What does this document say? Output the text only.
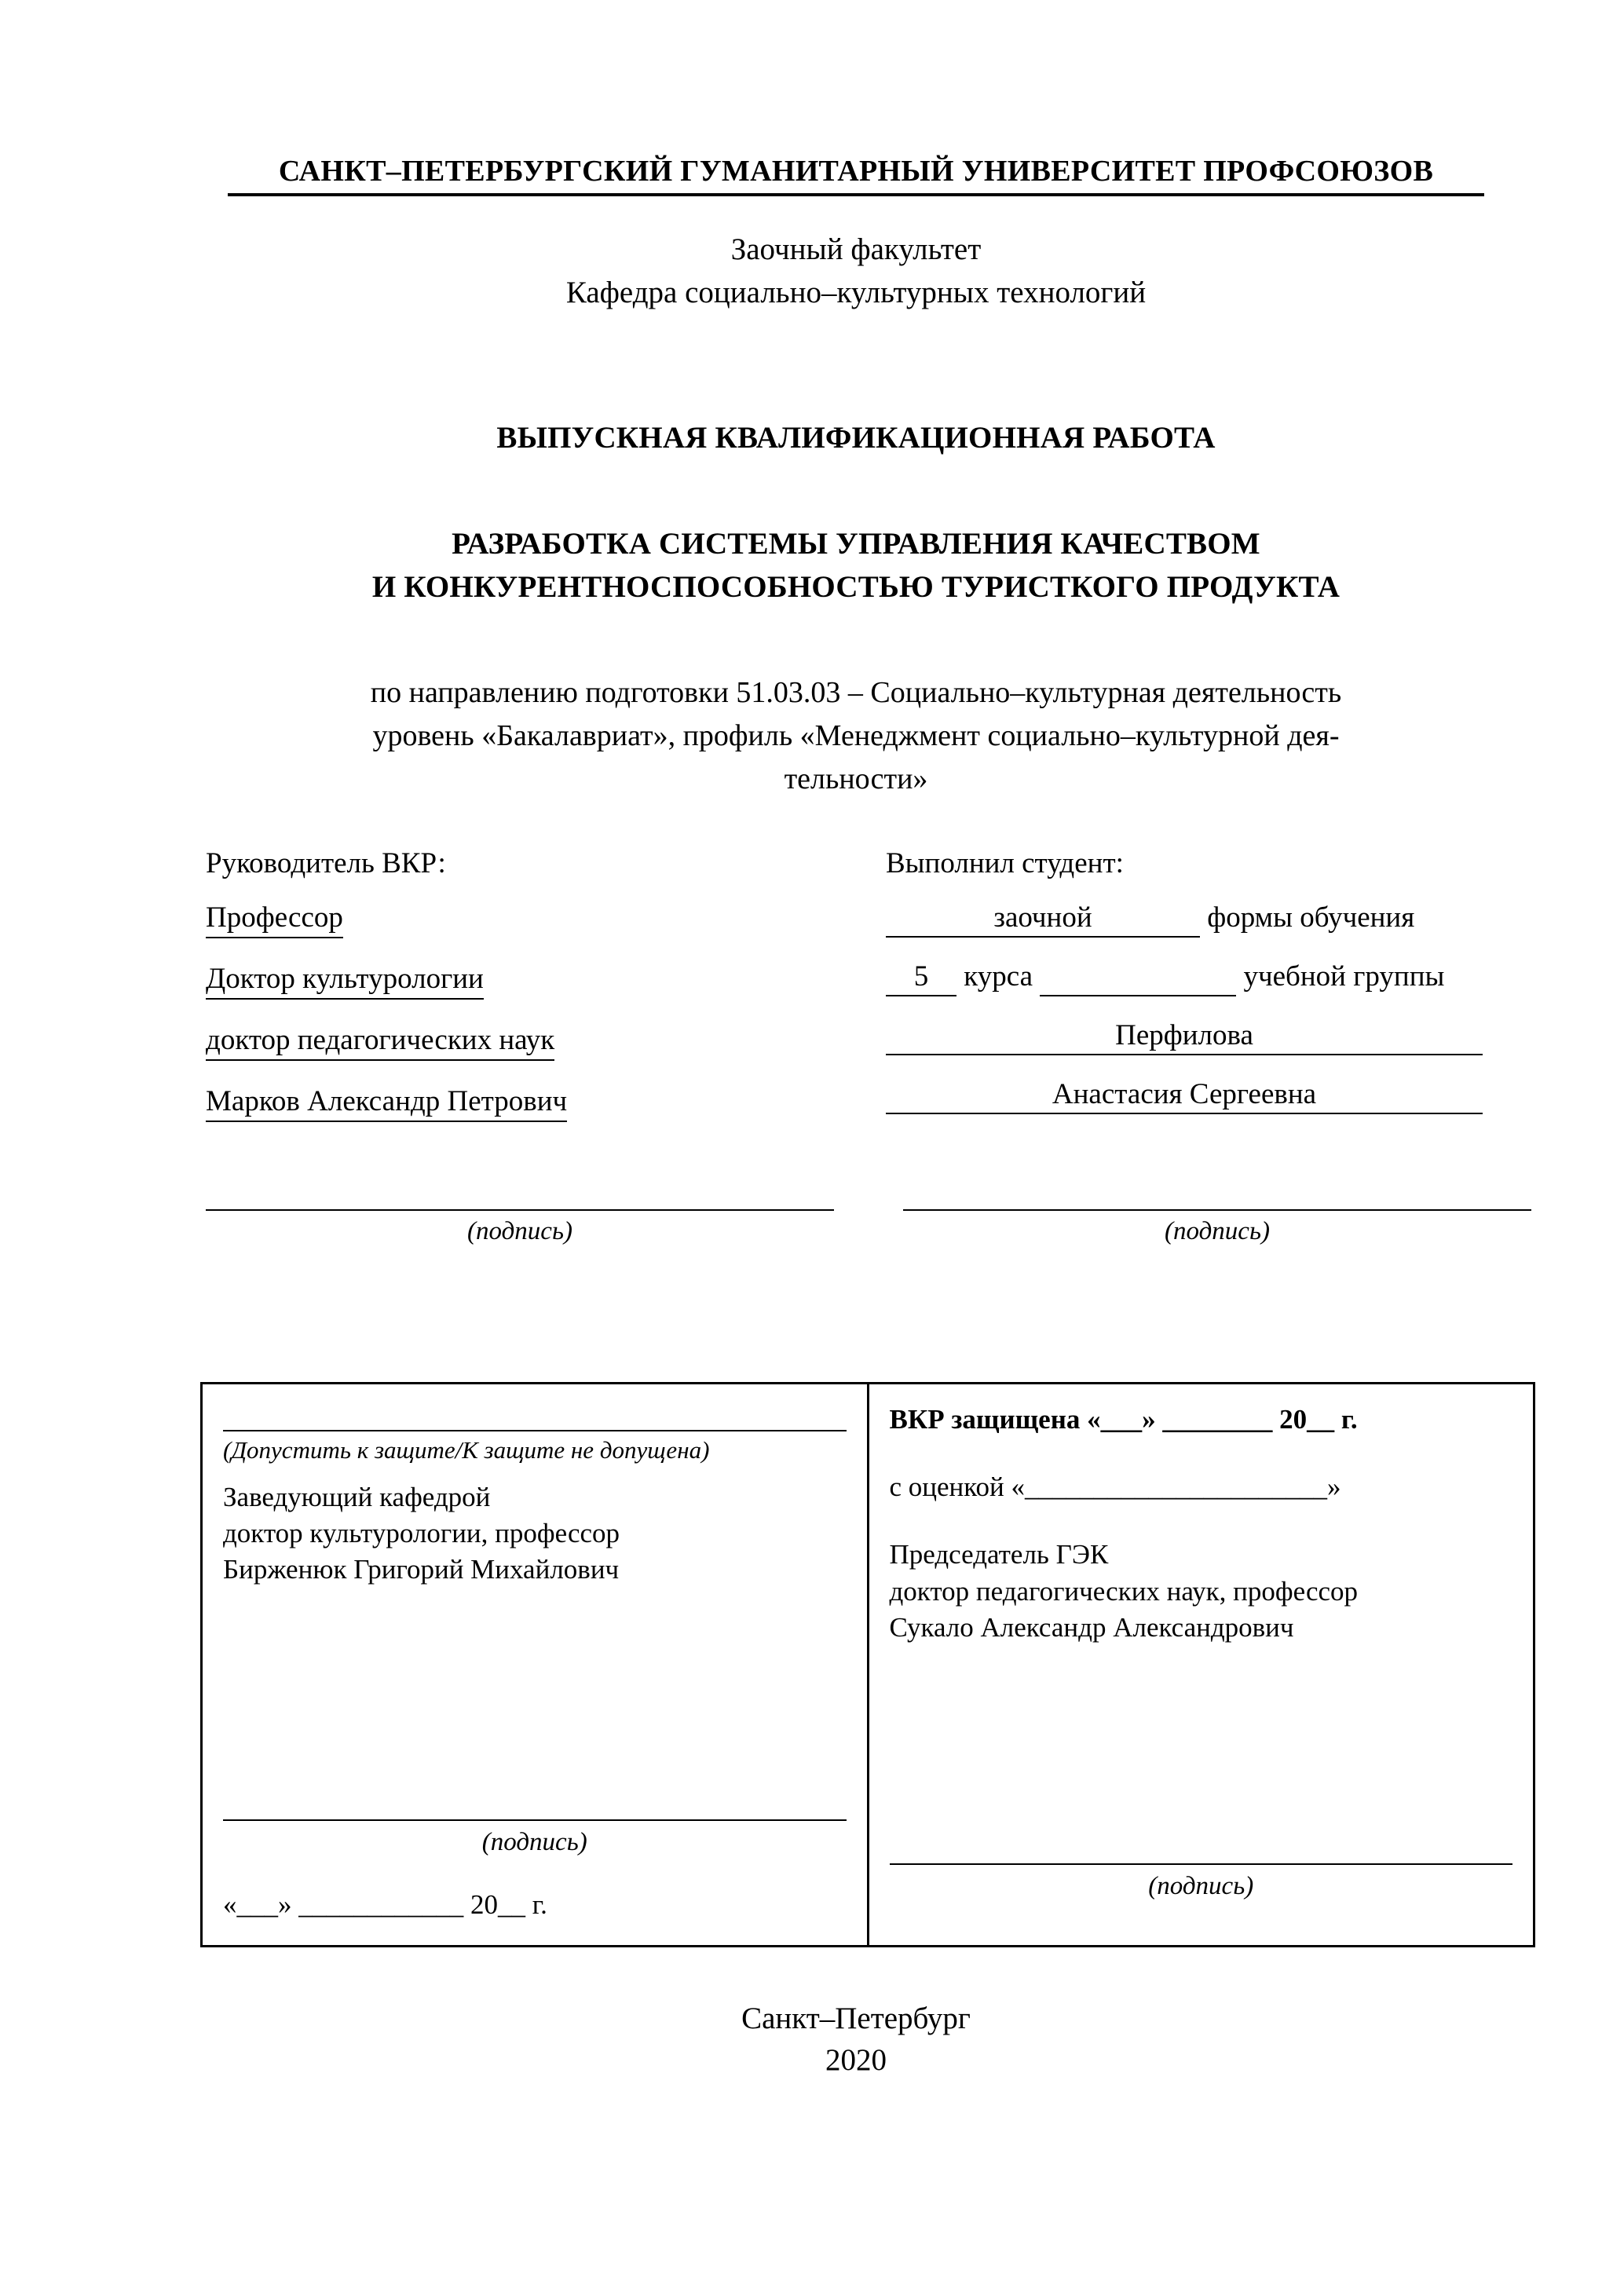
САНКТ–ПЕТЕРБУРГСКИЙ ГУМАНИТАРНЫЙ УНИВЕРСИТЕТ ПРОФСОЮЗОВ
Заочный факультет
Кафедра социально–культурных технологий
ВЫПУСКНАЯ КВАЛИФИКАЦИОННАЯ РАБОТА
РАЗРАБОТКА СИСТЕМЫ УПРАВЛЕНИЯ КАЧЕСТВОМ
И КОНКУРЕНТНОСПОСОБНОСТЬЮ ТУРИСТКОГО ПРОДУКТА
по направлению подготовки 51.03.03 – Социально–культурная деятельность
уровень «Бакалавриат», профиль «Менеджмент социально–культурной дея-
тельности»
Руководитель ВКР:
Профессор
Доктор культурологии
доктор педагогических наук
Марков Александр Петрович
Выполнил студент:
заочной	формы обучения
5 курса	учебной группы
Перфилова
Анастасия Сергеевна
(подпись)	(подпись)
(Допустить к защите/К защите не допущена)
Заведующий кафедрой
доктор культурологии, профессор
Бирженюк Григорий Михайлович
(подпись)
«___» ____________ 20__ г.
ВКР защищена «___» ________ 20__ г.
с оценкой «______________________»
Председатель ГЭК
доктор педагогических наук, профессор
Сукало Александр Александрович
(подпись)
Санкт–Петербург
2020
